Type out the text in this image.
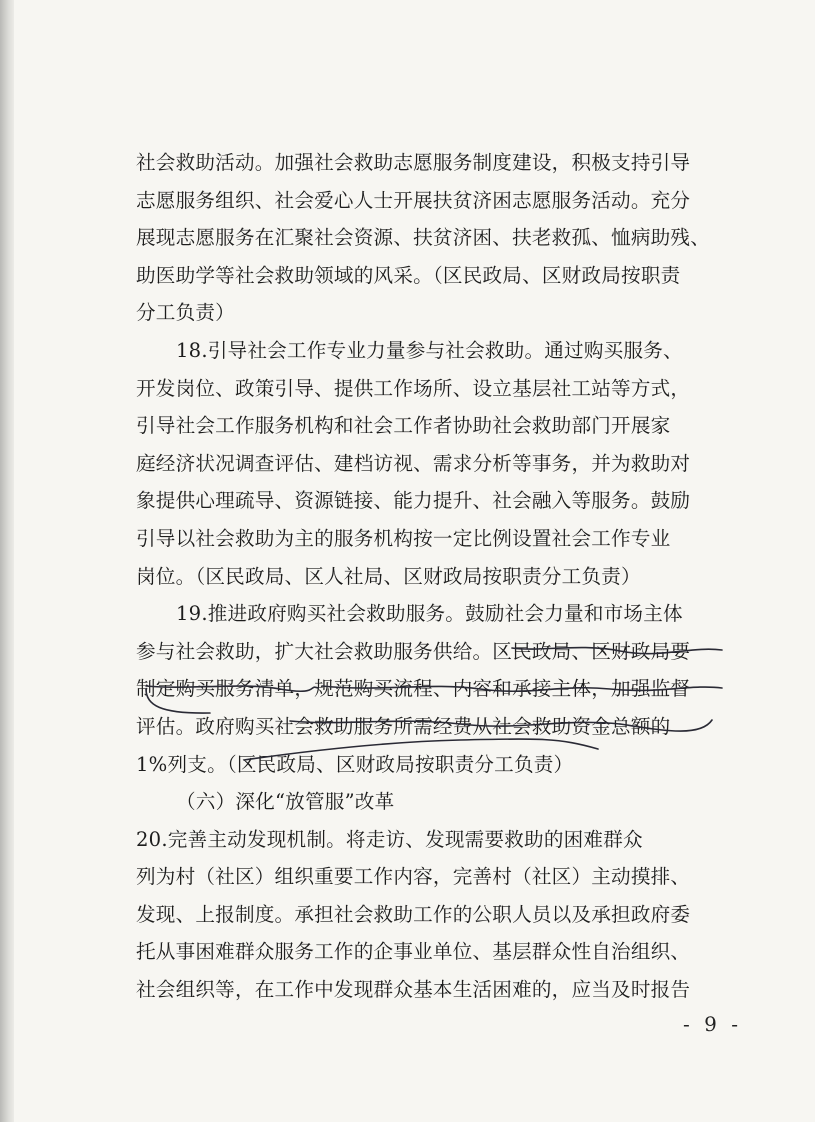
社会救助活动。加强社会救助志愿服务制度建设，积极支持引导
志愿服务组织、社会爱心人士开展扶贫济困志愿服务活动。充分
展现志愿服务在汇聚社会资源、扶贫济困、扶老救孤、恤病助残、
助医助学等社会救助领域的风采。（区民政局、区财政局按职责
分工负责）
18.引导社会工作专业力量参与社会救助。通过购买服务、
开发岗位、政策引导、提供工作场所、设立基层社工站等方式，
引导社会工作服务机构和社会工作者协助社会救助部门开展家
庭经济状况调查评估、建档访视、需求分析等事务，并为救助对
象提供心理疏导、资源链接、能力提升、社会融入等服务。鼓励
引导以社会救助为主的服务机构按一定比例设置社会工作专业
岗位。（区民政局、区人社局、区财政局按职责分工负责）
19.推进政府购买社会救助服务。鼓励社会力量和市场主体
参与社会救助，扩大社会救助服务供给。区民政局、区财政局要
制定购买服务清单，规范购买流程、内容和承接主体，加强监督
评估。政府购买社会救助服务所需经费从社会救助资金总额的
1%列支。（区民政局、区财政局按职责分工负责）
（六）深化“放管服”改革
20.完善主动发现机制。将走访、发现需要救助的困难群众
列为村（社区）组织重要工作内容，完善村（社区）主动摸排、
发现、上报制度。承担社会救助工作的公职人员以及承担政府委
托从事困难群众服务工作的企事业单位、基层群众性自治组织、
社会组织等，在工作中发现群众基本生活困难的，应当及时报告
- 9 -
